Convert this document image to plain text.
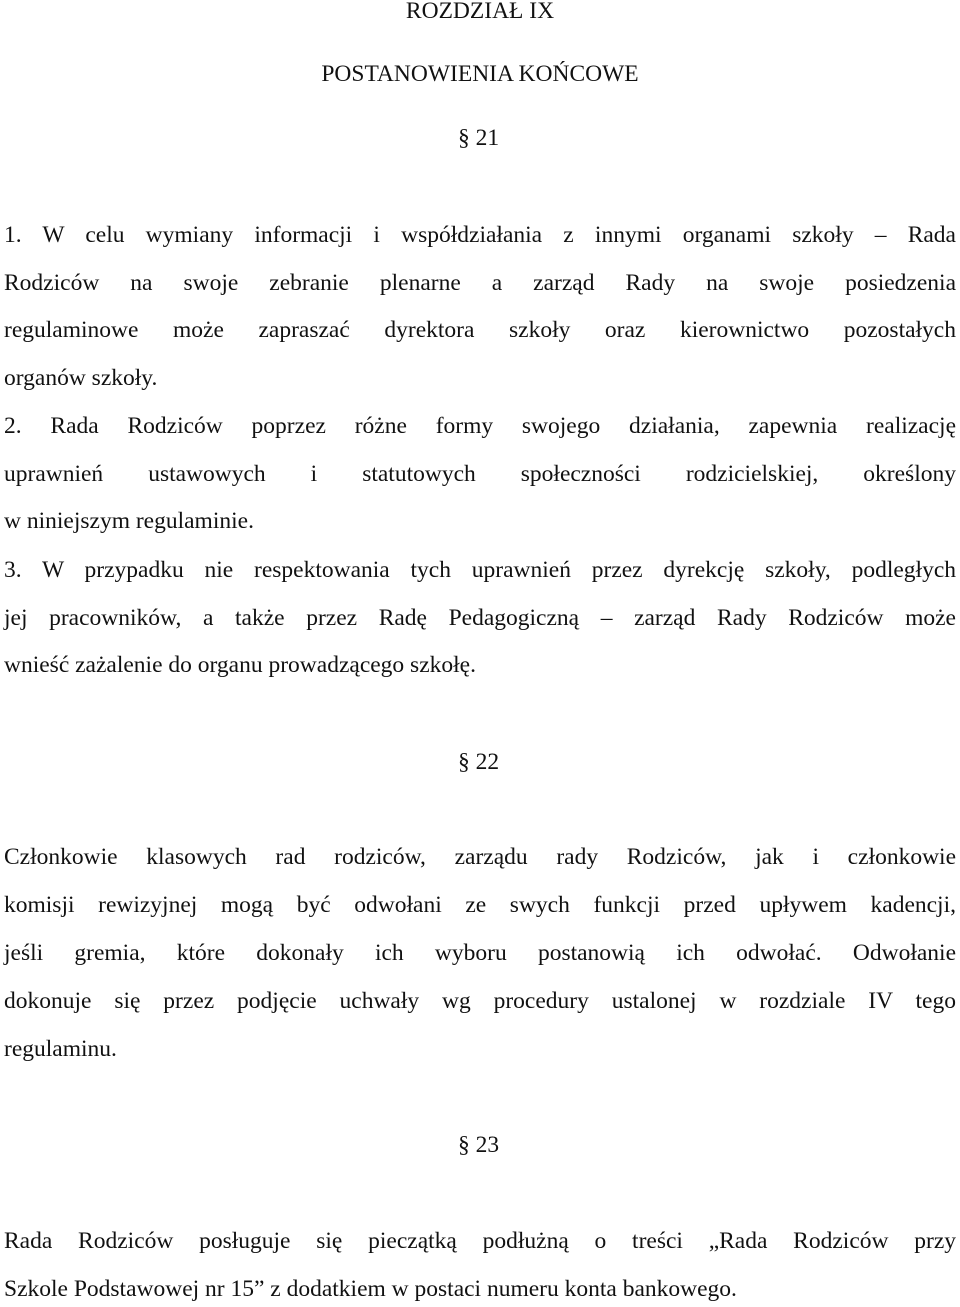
ROZDZIAŁ IX
POSTANOWIENIA KOŃCOWE
§ 21
1. W celu wymiany informacji i współdziałania z innymi organami szkoły – Rada
Rodziców na swoje zebranie plenarne a zarząd Rady na swoje posiedzenia
regulaminowe może zapraszać dyrektora szkoły oraz kierownictwo pozostałych
organów szkoły.
2. Rada Rodziców poprzez różne formy swojego działania, zapewnia realizację
uprawnień ustawowych i statutowych społeczności rodzicielskiej, określony
w niniejszym regulaminie.
3. W przypadku nie respektowania tych uprawnień przez dyrekcję szkoły, podległych
jej pracowników, a także przez Radę Pedagogiczną – zarząd Rady Rodziców może
wnieść zażalenie do organu prowadzącego szkołę.
§ 22
Członkowie klasowych rad rodziców, zarządu rady Rodziców, jak i członkowie
komisji rewizyjnej mogą być odwołani ze swych funkcji przed upływem kadencji,
jeśli gremia, które dokonały ich wyboru postanowią ich odwołać. Odwołanie
dokonuje się przez podjęcie uchwały wg procedury ustalonej w rozdziale IV tego
regulaminu.
§ 23
Rada Rodziców posługuje się pieczątką podłużną o treści „Rada Rodziców przy
Szkole Podstawowej nr 15” z dodatkiem w postaci numeru konta bankowego.
